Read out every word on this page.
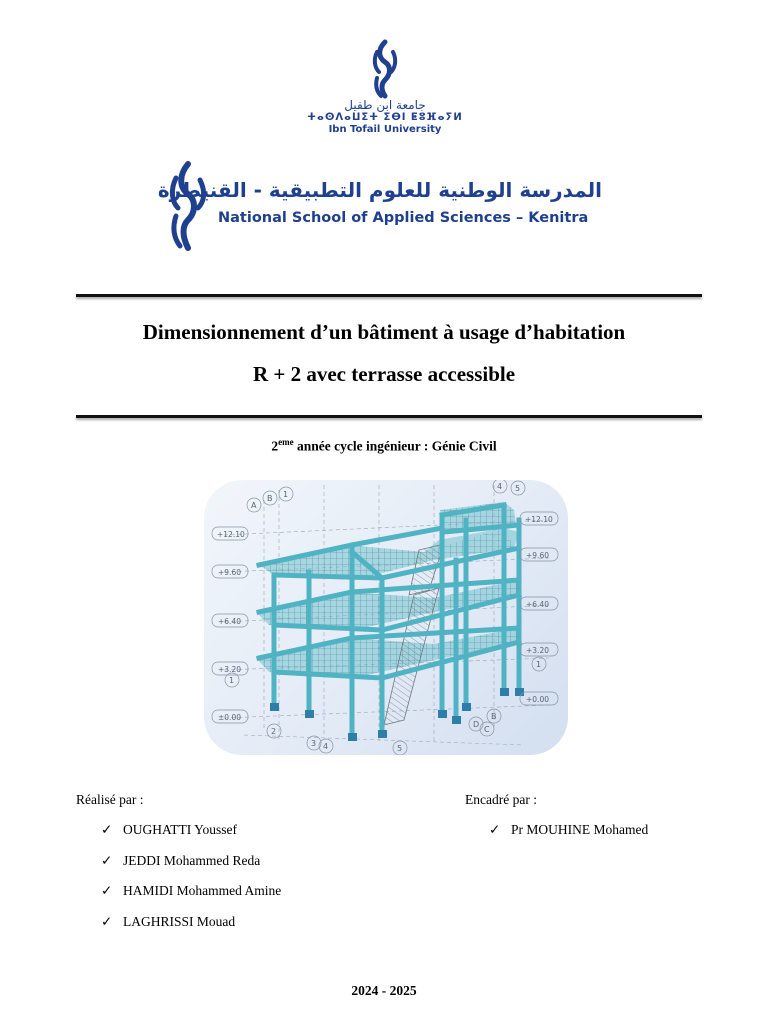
جامعة ابن طفيل
ⵜⴰⵙⴷⴰⵡⵉⵜ ⵉⴱⵏ ⵟⵓⴼⴰⵢⵍ
Ibn Tofail University
المدرسة الوطنية للعلوم التطبيقية - القنيطرة
National School of Applied Sciences – Kenitra
Dimensionnement d’un bâtiment à usage d’habitation
R + 2 avec terrasse accessible
2eme année cycle ingénieur : Génie Civil
+12.10
+9.60
+6.40
+3.20
±0.00
+12.10
+9.60
+6.40
+3.20
+0.00
A
B 1
4 5
1
1
2
3 4	5
B
D
C
Réalisé par :
✓ OUGHATTI Youssef
✓ JEDDI Mohammed Reda
✓ HAMIDI Mohammed Amine
✓ LAGHRISSI Mouad
Encadré par :
✓ Pr MOUHINE Mohamed
2024 - 2025
